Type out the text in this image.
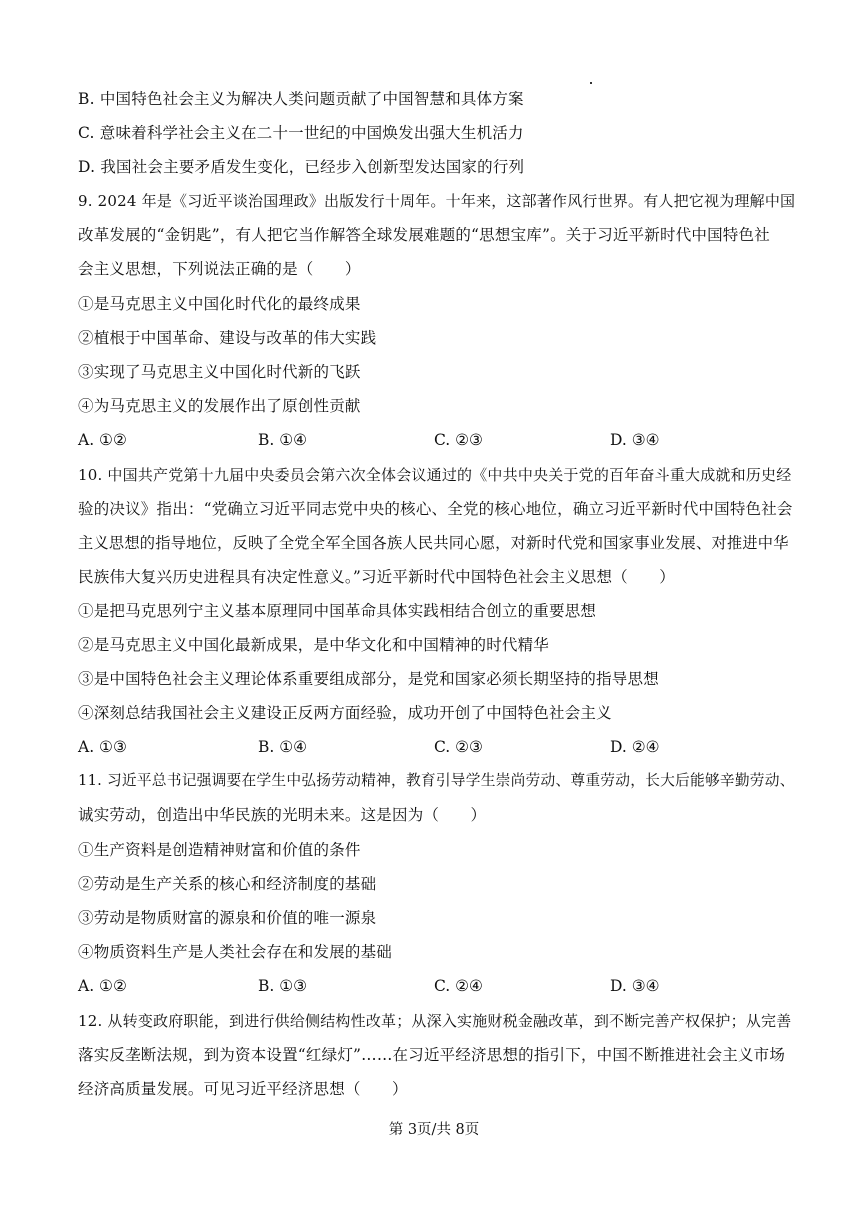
B. 中国特色社会主义为解决人类问题贡献了中国智慧和具体方案
C. 意味着科学社会主义在二十一世纪的中国焕发出强大生机活力
D. 我国社会主要矛盾发生变化，已经步入创新型发达国家的行列
9. 2024 年是《习近平谈治国理政》出版发行十周年。十年来，这部著作风行世界。有人把它视为理解中国
改革发展的“金钥匙”，有人把它当作解答全球发展难题的“思想宝库”。关于习近平新时代中国特色社
会主义思想，下列说法正确的是（　　）
①是马克思主义中国化时代化的最终成果
②植根于中国革命、建设与改革的伟大实践
③实现了马克思主义中国化时代新的飞跃
④为马克思主义的发展作出了原创性贡献
A. ①②	B. ①④	C. ②③	D. ③④
10. 中国共产党第十九届中央委员会第六次全体会议通过的《中共中央关于党的百年奋斗重大成就和历史经
验的决议》指出：“党确立习近平同志党中央的核心、全党的核心地位，确立习近平新时代中国特色社会
主义思想的指导地位，反映了全党全军全国各族人民共同心愿，对新时代党和国家事业发展、对推进中华
民族伟大复兴历史进程具有决定性意义。”习近平新时代中国特色社会主义思想（　　）
①是把马克思列宁主义基本原理同中国革命具体实践相结合创立的重要思想
②是马克思主义中国化最新成果，是中华文化和中国精神的时代精华
③是中国特色社会主义理论体系重要组成部分，是党和国家必须长期坚持的指导思想
④深刻总结我国社会主义建设正反两方面经验，成功开创了中国特色社会主义
A. ①③	B. ①④	C. ②③	D. ②④
11. 习近平总书记强调要在学生中弘扬劳动精神，教育引导学生崇尚劳动、尊重劳动，长大后能够辛勤劳动、
诚实劳动，创造出中华民族的光明未来。这是因为（　　）
①生产资料是创造精神财富和价值的条件
②劳动是生产关系的核心和经济制度的基础
③劳动是物质财富的源泉和价值的唯一源泉
④物质资料生产是人类社会存在和发展的基础
A. ①②	B. ①③	C. ②④	D. ③④
12. 从转变政府职能，到进行供给侧结构性改革；从深入实施财税金融改革，到不断完善产权保护；从完善
落实反垄断法规，到为资本设置“红绿灯”……在习近平经济思想的指引下，中国不断推进社会主义市场
经济高质量发展。可见习近平经济思想（　　）
第 3页/共 8页
